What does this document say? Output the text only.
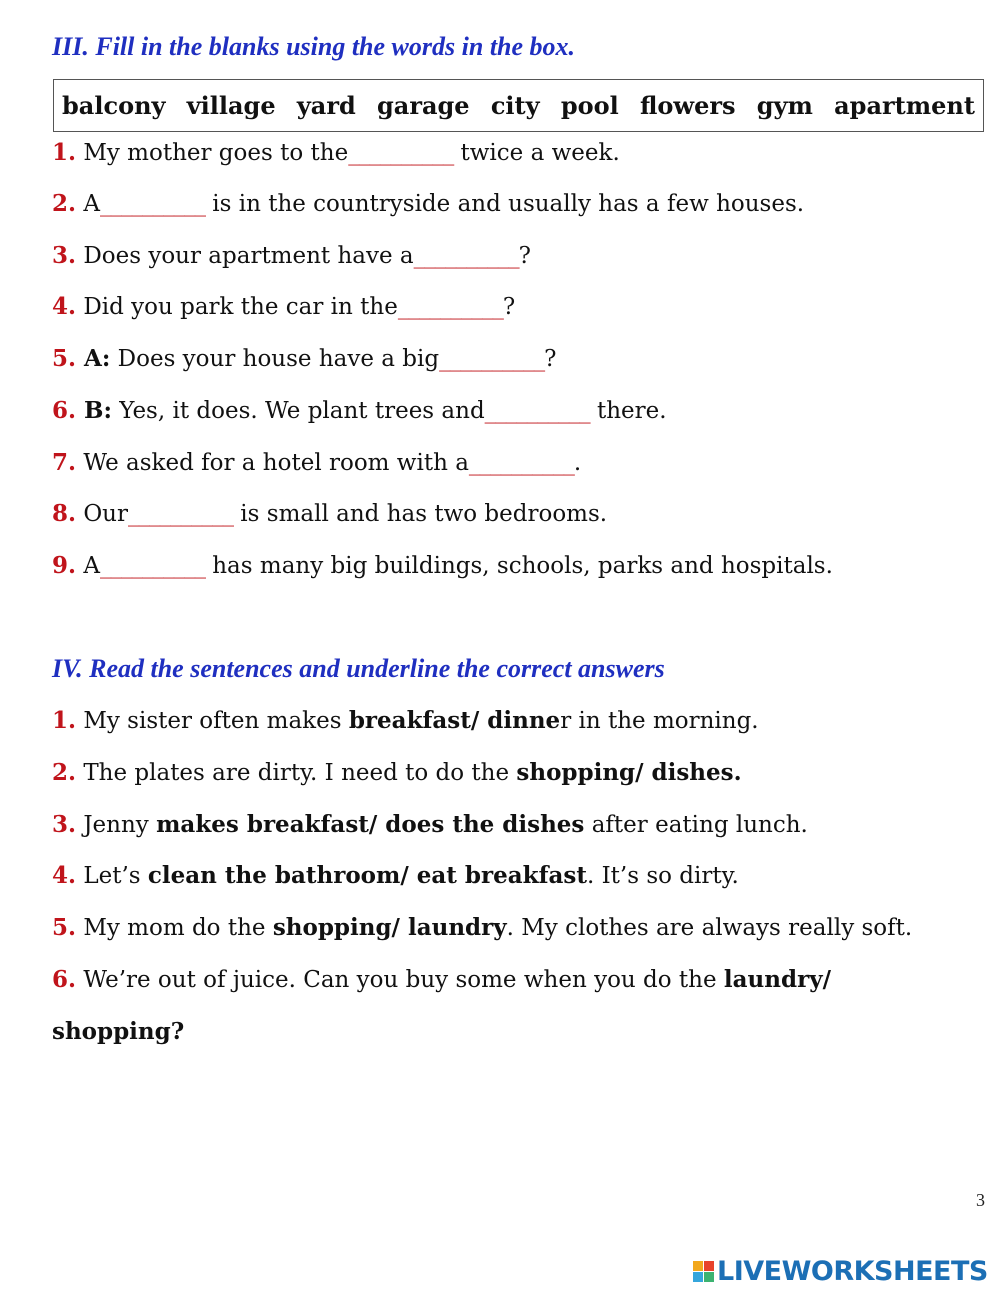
III. Fill in the blanks using the words in the box.
balcony village yard garage city pool flowers gym apartment
1. My mother goes to the__________ twice a week.
2. A__________ is in the countryside and usually has a few houses.
3. Does your apartment have a__________?
4. Did you park the car in the__________?
5. A: Does your house have a big__________?
6. B: Yes, it does. We plant trees and__________ there.
7. We asked for a hotel room with a__________.
8. Our__________ is small and has two bedrooms.
9. A__________ has many big buildings, schools, parks and hospitals.
IV. Read the sentences and underline the correct answers
1. My sister often makes breakfast/ dinner in the morning.
2. The plates are dirty. I need to do the shopping/ dishes.
3. Jenny makes breakfast/ does the dishes after eating lunch.
4. Let’s clean the bathroom/ eat breakfast. It’s so dirty.
5. My mom do the shopping/ laundry. My clothes are always really soft.
6. We’re out of juice. Can you buy some when you do the laundry/
shopping?
3
LIVEWORKSHEETS
